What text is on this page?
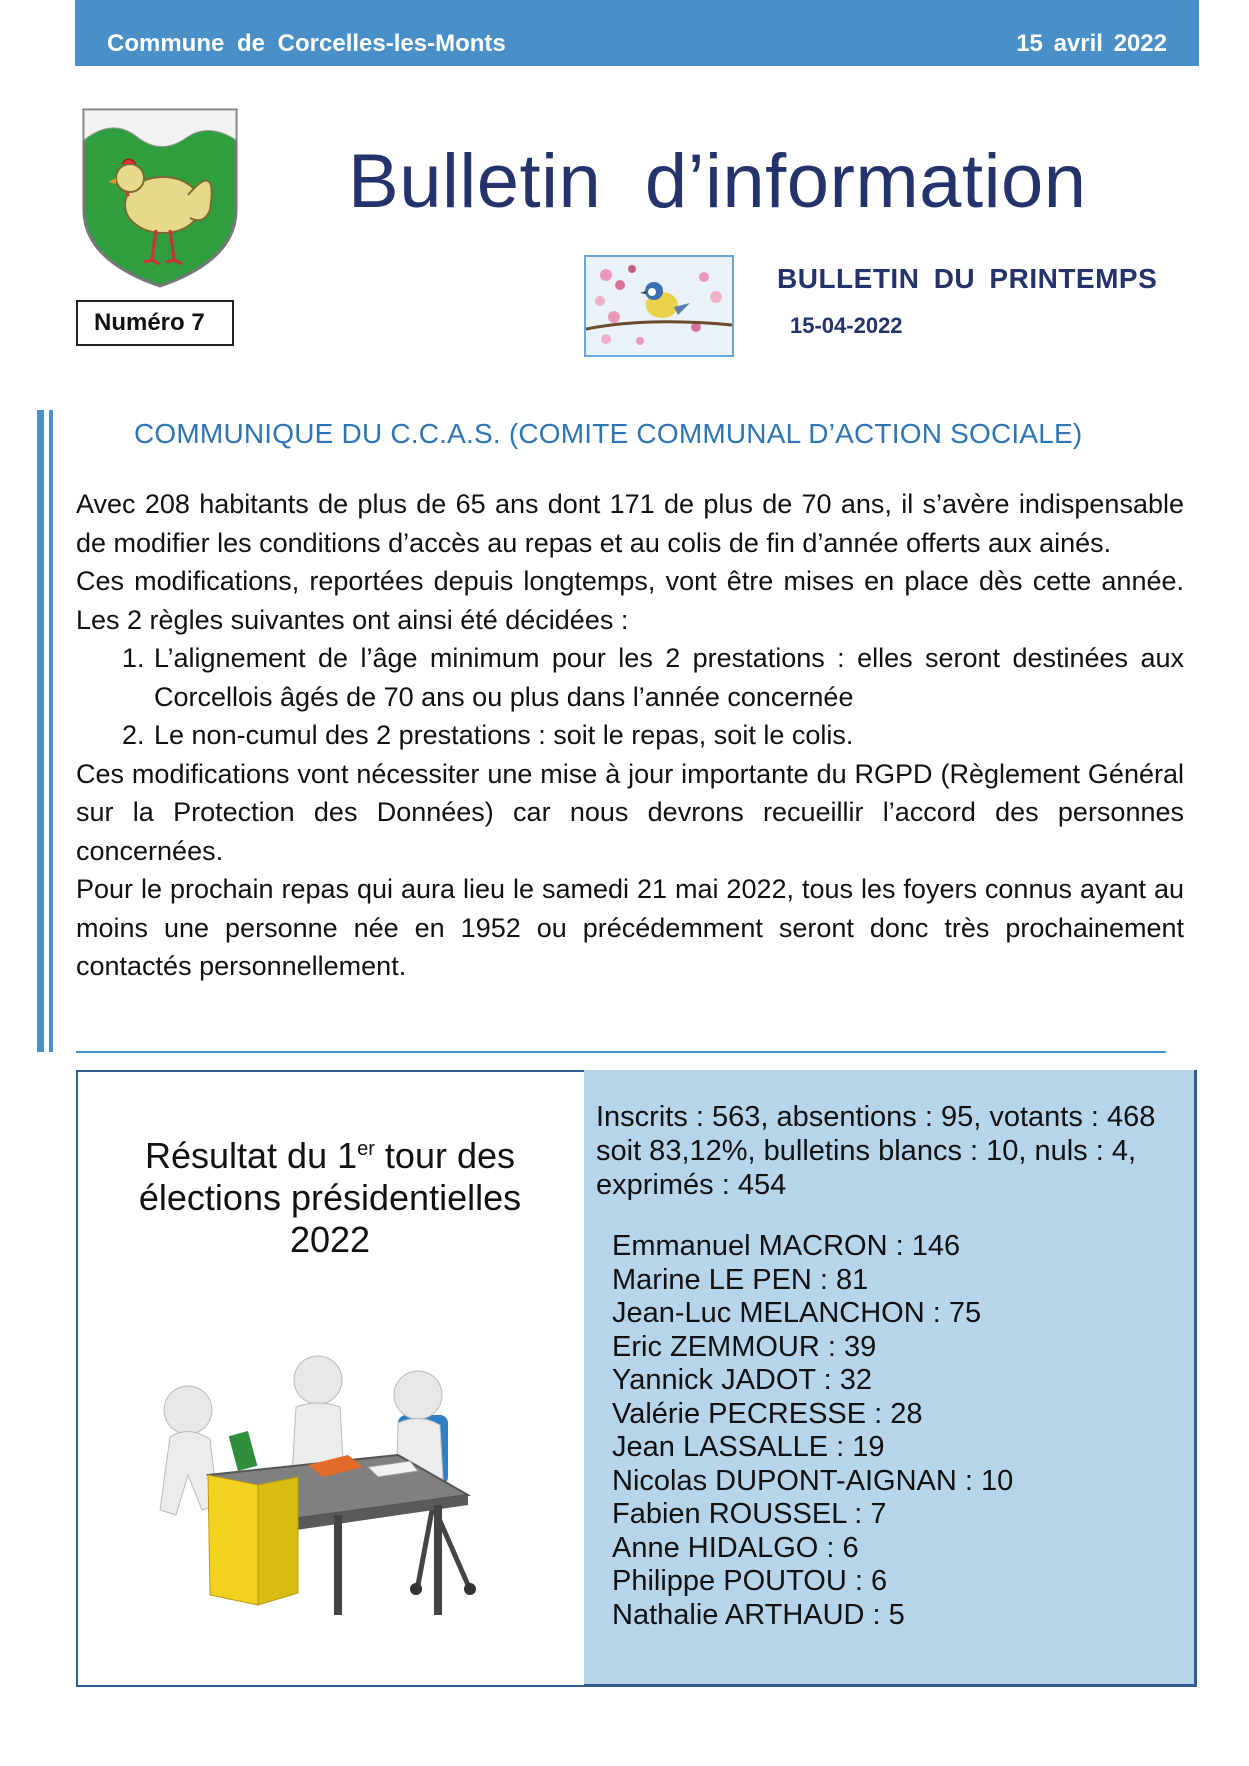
Commune de Corcelles-les-Monts	15 avril 2022
Numéro 7
Bulletin d’information
BULLETIN DU PRINTEMPS
15-04-2022
COMMUNIQUE DU C.C.A.S. (COMITE COMMUNAL D’ACTION SOCIALE)

Avec 208 habitants de plus de 65 ans dont 171 de plus de 70 ans, il s’avère indispensable de modifier les conditions d’accès au repas et au colis de fin d’année offerts aux ainés.

Ces modifications, reportées depuis longtemps, vont être mises en place dès cette année. Les 2 règles suivantes ont ainsi été décidées :

1. L’alignement de l’âge minimum pour les 2 prestations : elles seront destinées aux Corcellois âgés de 70 ans ou plus dans l’année concernée
2. Le non-cumul des 2 prestations : soit le repas, soit le colis.

Ces modifications vont nécessiter une mise à jour importante du RGPD (Règlement Général sur la Protection des Données) car nous devrons recueillir l’accord des personnes concernées.

Pour le prochain repas qui aura lieu le samedi 21 mai 2022, tous les foyers connus ayant au moins une personne née en 1952 ou précédemment seront donc très prochainement contactés personnellement.

Résultat du 1er tour des élections présidentielles 2022
Inscrits : 563, absentions : 95, votants : 468 soit 83,12%, bulletins blancs : 10, nuls : 4, exprimés : 454
Emmanuel MACRON : 146
Marine LE PEN : 81
Jean-Luc MELANCHON : 75
Eric ZEMMOUR : 39
Yannick JADOT : 32
Valérie PECRESSE : 28
Jean LASSALLE : 19
Nicolas DUPONT-AIGNAN : 10
Fabien ROUSSEL : 7
Anne HIDALGO : 6
Philippe POUTOU : 6
Nathalie ARTHAUD : 5
